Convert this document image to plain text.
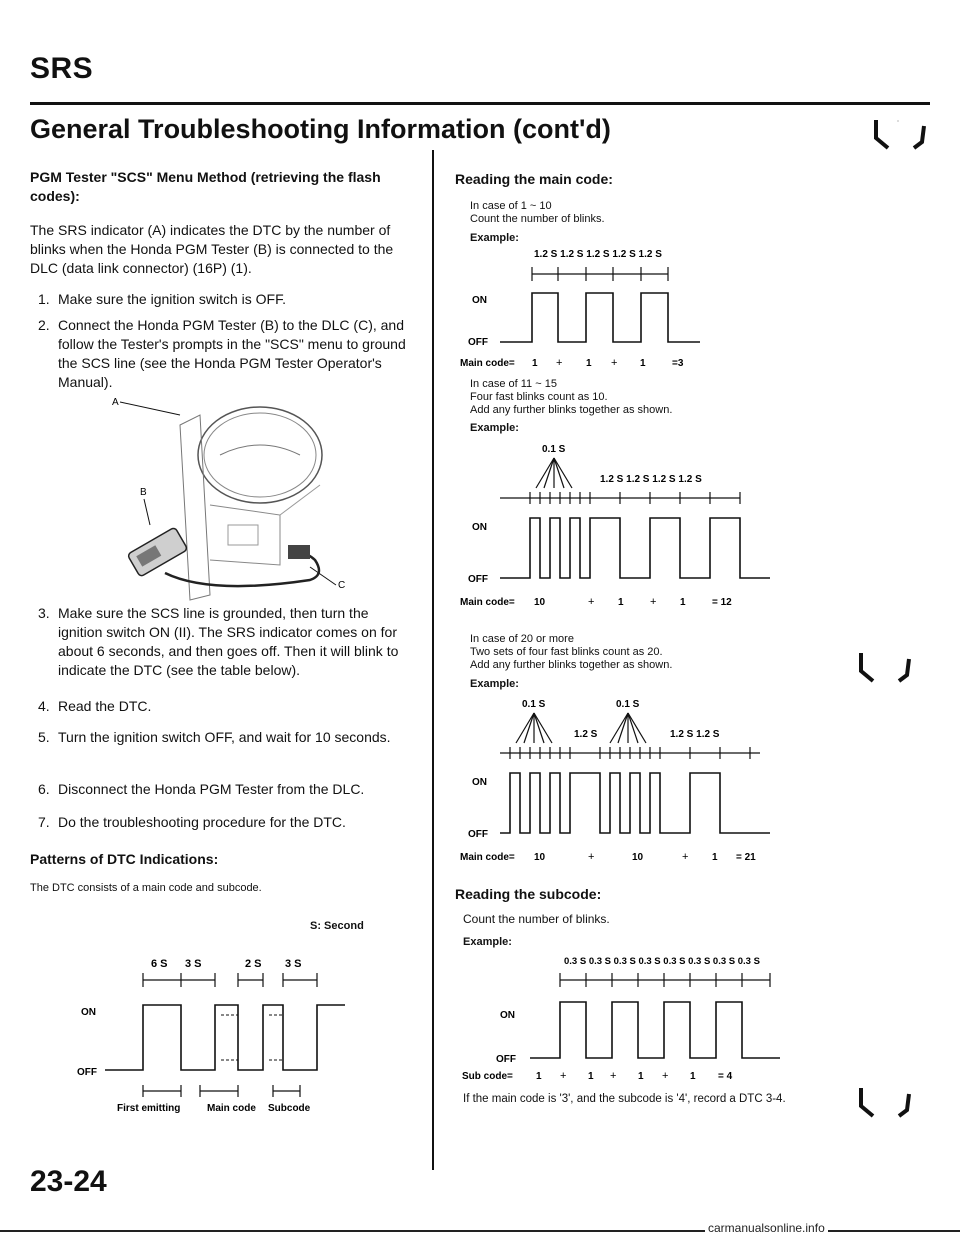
SRS
General Troubleshooting Information (cont'd)
PGM Tester "SCS" Menu Method (retrieving the flash codes):
The SRS indicator (A) indicates the DTC by the number of blinks when the Honda PGM Tester (B) is connected to the DLC (data link connector) (16P) (1).
1. Make sure the ignition switch is OFF.
2. Connect the Honda PGM Tester (B) to the DLC (C), and follow the Tester's prompts in the "SCS" menu to ground the SCS line (see the Honda PGM Tester Operator's Manual).
A
B
C
3. Make sure the SCS line is grounded, then turn the ignition switch ON (II). The SRS indicator comes on for about 6 seconds, and then goes off. Then it will blink to indicate the DTC (see the table below).
4. Read the DTC.
5. Turn the ignition switch OFF, and wait for 10 seconds.
6. Disconnect the Honda PGM Tester from the DLC.
7. Do the troubleshooting procedure for the DTC.
Patterns of DTC Indications:
The DTC consists of a main code and subcode.
S: Second
6 S 3 S	2 S 3 S
ON
OFF
First emitting	Main code Subcode
23-24
Reading the main code:
In case of 1 ~ 10
Count the number of blinks.
Example:
1.2 S 1.2 S 1.2 S 1.2 S 1.2 S
ON
OFF
Main code= 1 + 1 + 1	=3
In case of 11 ~ 15
Four fast blinks count as 10.
Add any further blinks together as shown.
Example:
0.1 S
1.2 S 1.2 S 1.2 S 1.2 S
ON
OFF
Main code= 10	+ 1 + 1	= 12
In case of 20 or more
Two sets of four fast blinks count as 20.
Add any further blinks together as shown.
Example:
0.1 S	0.1 S
1.2 S	1.2 S 1.2 S
ON
OFF
Main code= 10	+	10	+ 1 = 21
Reading the subcode:
Count the number of blinks.
Example:
0.3 S 0.3 S 0.3 S 0.3 S 0.3 S 0.3 S 0.3 S 0.3 S
ON
OFF
Sub code= 1 + 1 + 1 + 1 = 4
If the main code is '3', and the subcode is '4', record a DTC 3-4.
carmanualsonline.info
